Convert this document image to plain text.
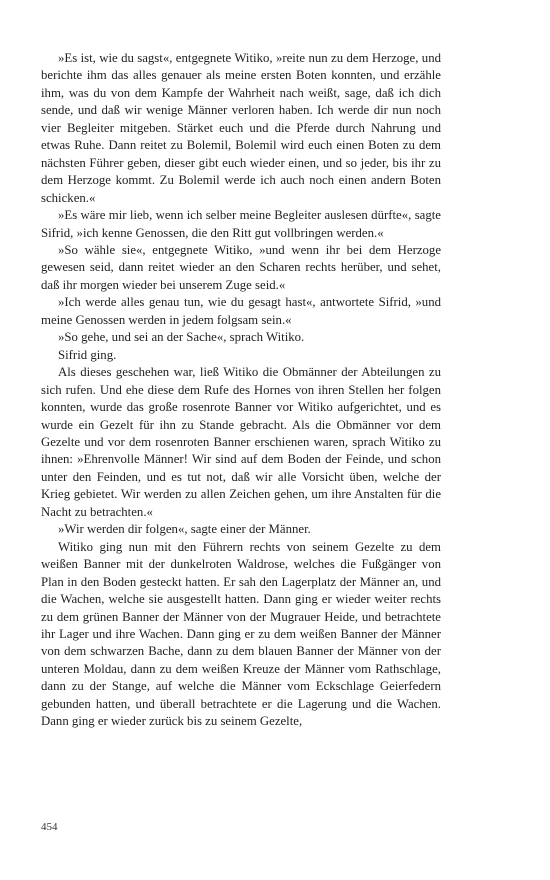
»Es ist, wie du sagst«, entgegnete Witiko, »reite nun zu dem Herzoge, und berichte ihm das alles genauer als meine ersten Boten konnten, und erzähle ihm, was du von dem Kampfe der Wahrheit nach weißt, sage, daß ich dich sende, und daß wir wenige Männer verloren haben. Ich werde dir nun noch vier Begleiter mitgeben. Stärket euch und die Pferde durch Nahrung und etwas Ruhe. Dann reitet zu Bolemil, Bolemil wird euch einen Boten zu dem nächsten Führer geben, dieser gibt euch wieder einen, und so jeder, bis ihr zu dem Herzoge kommt. Zu Bolemil werde ich auch noch einen andern Boten schicken.«

»Es wäre mir lieb, wenn ich selber meine Begleiter auslesen dürfte«, sagte Sifrid, »ich kenne Genossen, die den Ritt gut vollbringen werden.«

»So wähle sie«, entgegnete Witiko, »und wenn ihr bei dem Herzoge gewesen seid, dann reitet wieder an den Scharen rechts herüber, und sehet, daß ihr morgen wieder bei unserem Zuge seid.«

»Ich werde alles genau tun, wie du gesagt hast«, antwortete Sifrid, »und meine Genossen werden in jedem folgsam sein.«

»So gehe, und sei an der Sache«, sprach Witiko.

Sifrid ging.

Als dieses geschehen war, ließ Witiko die Obmänner der Abteilungen zu sich rufen. Und ehe diese dem Rufe des Hornes von ihren Stellen her folgen konnten, wurde das große rosenrote Banner vor Witiko aufgerichtet, und es wurde ein Gezelt für ihn zu Stande gebracht. Als die Obmänner vor dem Gezelte und vor dem rosenroten Banner erschienen waren, sprach Witiko zu ihnen: »Ehrenvolle Männer! Wir sind auf dem Boden der Feinde, und schon unter den Feinden, und es tut not, daß wir alle Vorsicht üben, welche der Krieg gebietet. Wir werden zu allen Zeichen gehen, um ihre Anstalten für die Nacht zu betrachten.«

»Wir werden dir folgen«, sagte einer der Männer.

Witiko ging nun mit den Führern rechts von seinem Gezelte zu dem weißen Banner mit der dunkelroten Waldrose, welches die Fußgänger von Plan in den Boden gesteckt hatten. Er sah den Lagerplatz der Männer an, und die Wachen, welche sie ausgestellt hatten. Dann ging er wieder weiter rechts zu dem grünen Banner der Männer von der Mugrauer Heide, und betrachtete ihr Lager und ihre Wachen. Dann ging er zu dem weißen Banner der Männer von dem schwarzen Bache, dann zu dem blauen Banner der Männer von der unteren Moldau, dann zu dem weißen Kreuze der Männer vom Rathschlage, dann zu der Stange, auf welche die Männer vom Eckschlage Geierfedern gebunden hatten, und überall betrachtete er die Lagerung und die Wachen. Dann ging er wieder zurück bis zu seinem Gezelte,

454
